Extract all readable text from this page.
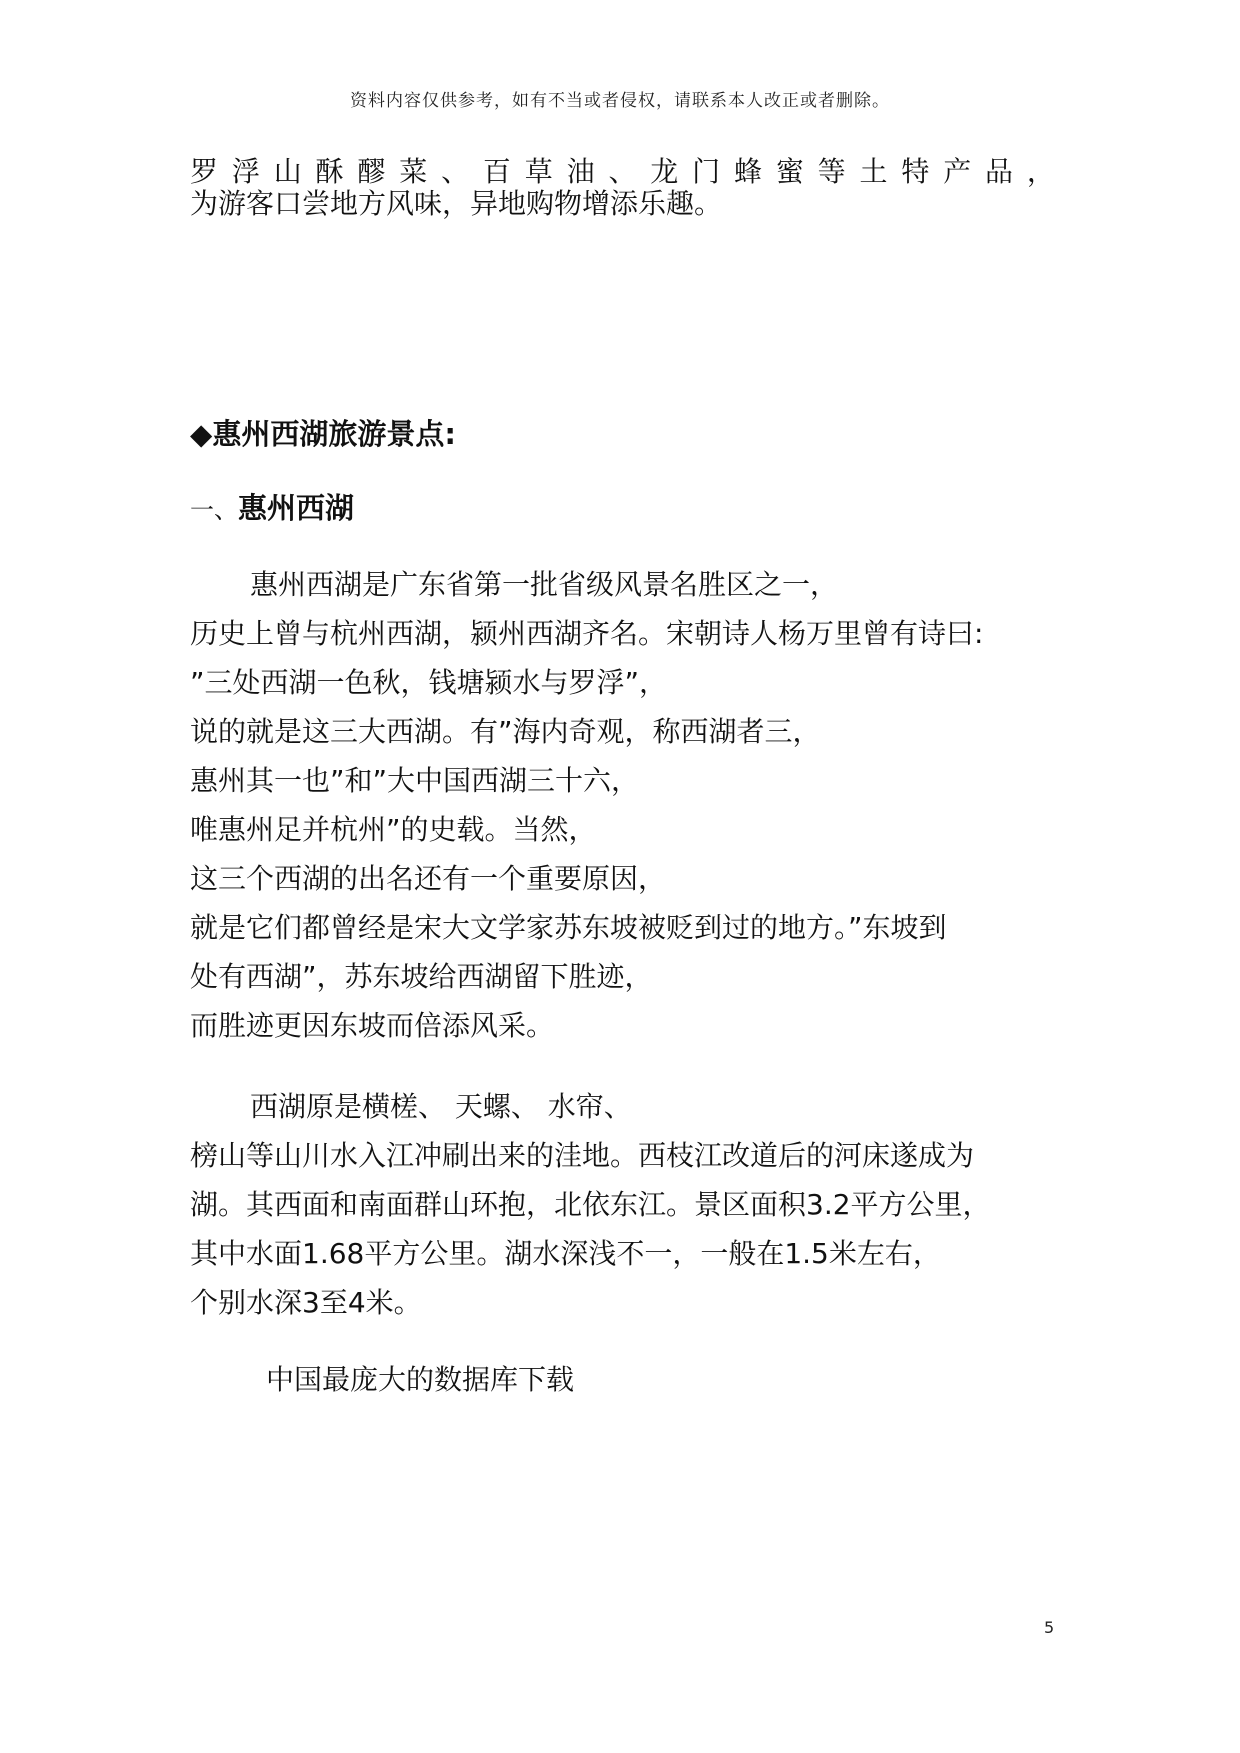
资料内容仅供参考，如有不当或者侵权，请联系本人改正或者删除。
罗 浮 山 酥 醪 菜 、 百 草 油 、 龙 门 蜂 蜜 等 土 特 产 品 ，
为游客口尝地方风味，异地购物增添乐趣。
◆惠州西湖旅游景点:
一、惠州西湖
惠州西湖是广东省第一批省级风景名胜区之一，
历史上曾与杭州西湖，颍州西湖齐名。宋朝诗人杨万里曾有诗曰:
”三处西湖一色秋，钱塘颍水与罗浮”，
说的就是这三大西湖。有”海内奇观，称西湖者三，
惠州其一也”和”大中国西湖三十六，
唯惠州足并杭州”的史载。当然，
这三个西湖的出名还有一个重要原因，
就是它们都曾经是宋大文学家苏东坡被贬到过的地方。”东坡到
处有西湖”，苏东坡给西湖留下胜迹，
而胜迹更因东坡而倍添风采。
西湖原是横槎、 天螺、 水帘、
榜山等山川水入江冲刷出来的洼地。西枝江改道后的河床遂成为
湖。其西面和南面群山环抱，北依东江。景区面积3.2平方公里，
其中水面1.68平方公里。湖水深浅不一，一般在1.5米左右，
个别水深3至4米。
中国最庞大的数据库下载
5
